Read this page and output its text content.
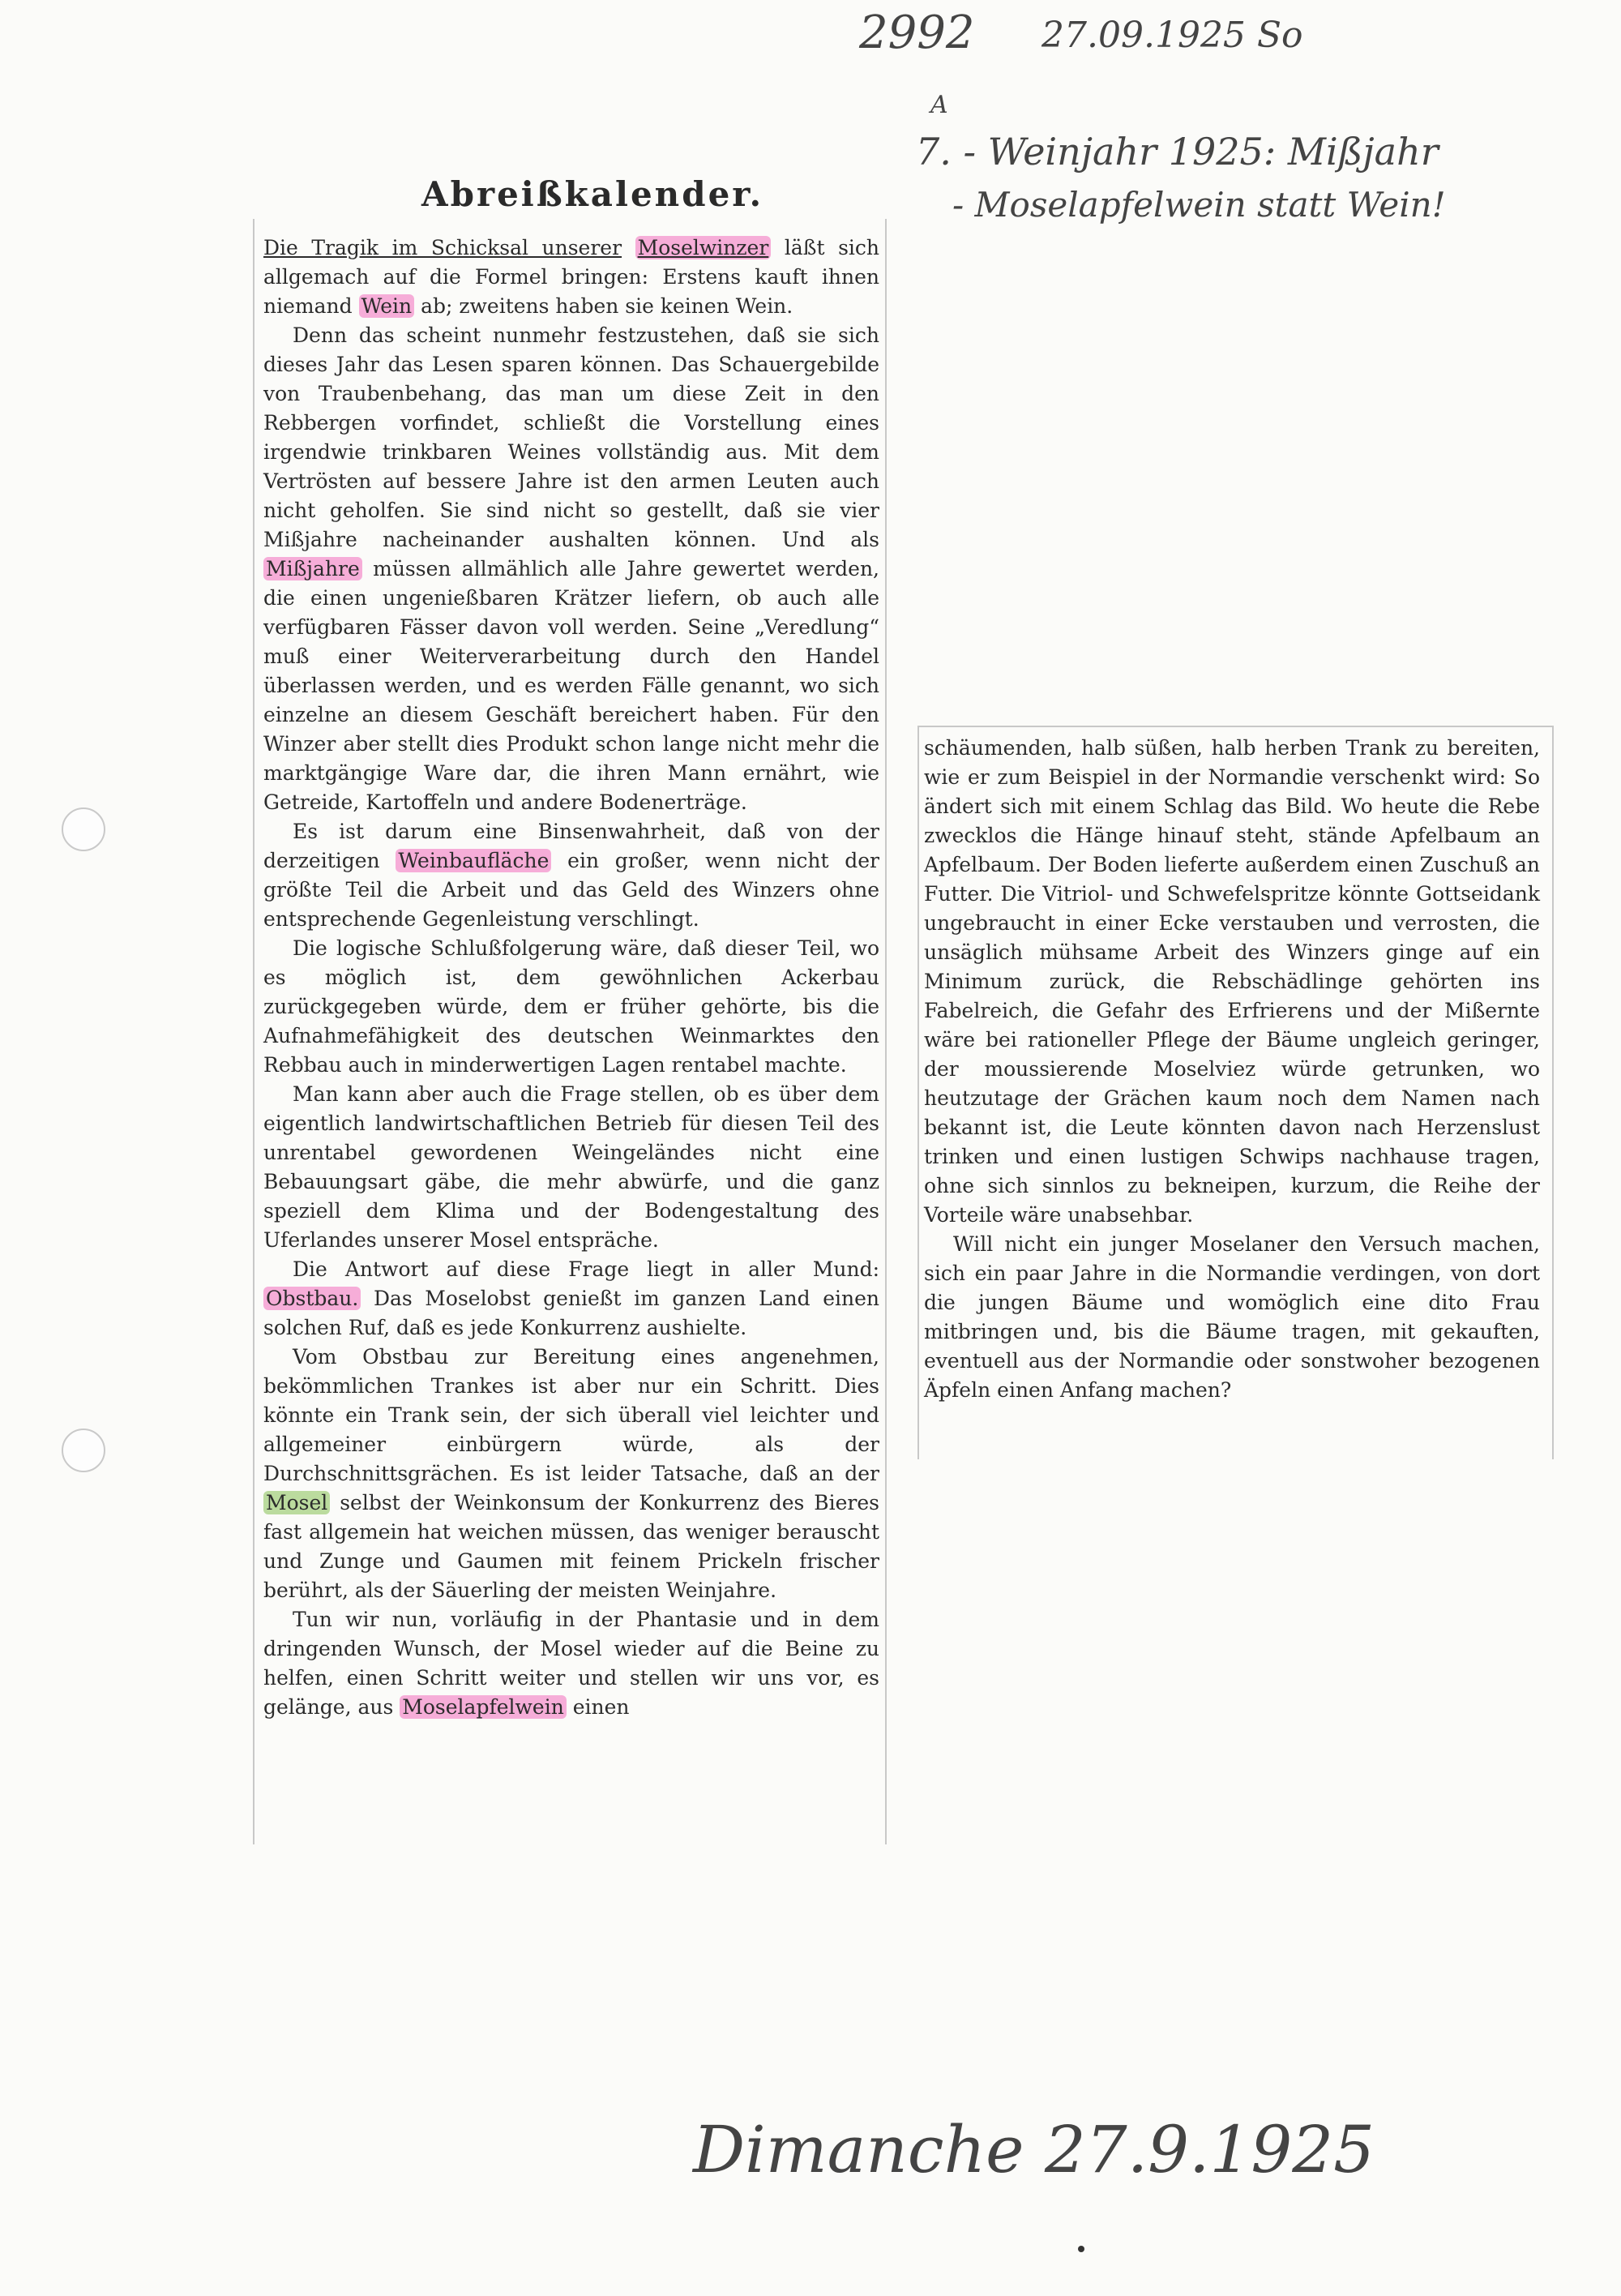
2992 27.09.1925 So
A
7. - Weinjahr 1925: Mißjahr
- Moselapfelwein statt Wein!
Dimanche 27.9.1925
Abreißkalender.

Die Tragik im Schicksal unserer Moselwinzer läßt sich allgemach auf die Formel bringen: Erstens kauft ihnen niemand Wein ab; zweitens haben sie keinen Wein.

Denn das scheint nunmehr festzustehen, daß sie sich dieses Jahr das Lesen sparen können. Das Schauergebilde von Traubenbehang, das man um diese Zeit in den Rebbergen vorfindet, schließt die Vorstellung eines irgendwie trinkbaren Weines vollständig aus. Mit dem Vertrösten auf bessere Jahre ist den armen Leuten auch nicht geholfen. Sie sind nicht so gestellt, daß sie vier Mißjahre nacheinander aushalten können. Und als Mißjahre müssen allmählich alle Jahre gewertet werden, die einen ungenießbaren Krätzer liefern, ob auch alle verfügbaren Fässer davon voll werden. Seine „Veredlung“ muß einer Weiterverarbeitung durch den Handel überlassen werden, und es werden Fälle genannt, wo sich einzelne an diesem Geschäft bereichert haben. Für den Winzer aber stellt dies Produkt schon lange nicht mehr die marktgängige Ware dar, die ihren Mann ernährt, wie Getreide, Kartoffeln und andere Bodenerträge.

Es ist darum eine Binsenwahrheit, daß von der derzeitigen Weinbaufläche ein großer, wenn nicht der größte Teil die Arbeit und das Geld des Winzers ohne entsprechende Gegenleistung verschlingt.

Die logische Schlußfolgerung wäre, daß dieser Teil, wo es möglich ist, dem gewöhnlichen Ackerbau zurückgegeben würde, dem er früher gehörte, bis die Aufnahmefähigkeit des deutschen Weinmarktes den Rebbau auch in minderwertigen Lagen rentabel machte.

Man kann aber auch die Frage stellen, ob es über dem eigentlich landwirtschaftlichen Betrieb für diesen Teil des unrentabel gewordenen Weingeländes nicht eine Bebauungsart gäbe, die mehr abwürfe, und die ganz speziell dem Klima und der Bodengestaltung des Uferlandes unserer Mosel entspräche.

Die Antwort auf diese Frage liegt in aller Mund: Obstbau. Das Moselobst genießt im ganzen Land einen solchen Ruf, daß es jede Konkurrenz aushielte.

Vom Obstbau zur Bereitung eines angenehmen, bekömmlichen Trankes ist aber nur ein Schritt. Dies könnte ein Trank sein, der sich überall viel leichter und allgemeiner einbürgern würde, als der Durchschnittsgrächen. Es ist leider Tatsache, daß an der Mosel selbst der Weinkonsum der Konkurrenz des Bieres fast allgemein hat weichen müssen, das weniger berauscht und Zunge und Gaumen mit feinem Prickeln frischer berührt, als der Säuerling der meisten Weinjahre.

Tun wir nun, vorläufig in der Phantasie und in dem dringenden Wunsch, der Mosel wieder auf die Beine zu helfen, einen Schritt weiter und stellen wir uns vor, es gelänge, aus Moselapfelwein einen

schäumenden, halb süßen, halb herben Trank zu bereiten, wie er zum Beispiel in der Normandie verschenkt wird: So ändert sich mit einem Schlag das Bild. Wo heute die Rebe zwecklos die Hänge hinauf steht, stände Apfelbaum an Apfelbaum. Der Boden lieferte außerdem einen Zuschuß an Futter. Die Vitriol- und Schwefelspritze könnte Gottseidank ungebraucht in einer Ecke verstauben und verrosten, die unsäglich mühsame Arbeit des Winzers ginge auf ein Minimum zurück, die Rebschädlinge gehörten ins Fabelreich, die Gefahr des Erfrierens und der Mißernte wäre bei rationeller Pflege der Bäume ungleich geringer, der moussierende Moselviez würde getrunken, wo heutzutage der Grächen kaum noch dem Namen nach bekannt ist, die Leute könnten davon nach Herzenslust trinken und einen lustigen Schwips nachhause tragen, ohne sich sinnlos zu bekneipen, kurzum, die Reihe der Vorteile wäre unabsehbar.

Will nicht ein junger Moselaner den Versuch machen, sich ein paar Jahre in die Normandie verdingen, von dort die jungen Bäume und womöglich eine dito Frau mitbringen und, bis die Bäume tragen, mit gekauften, eventuell aus der Normandie oder sonstwoher bezogenen Äpfeln einen Anfang machen?
